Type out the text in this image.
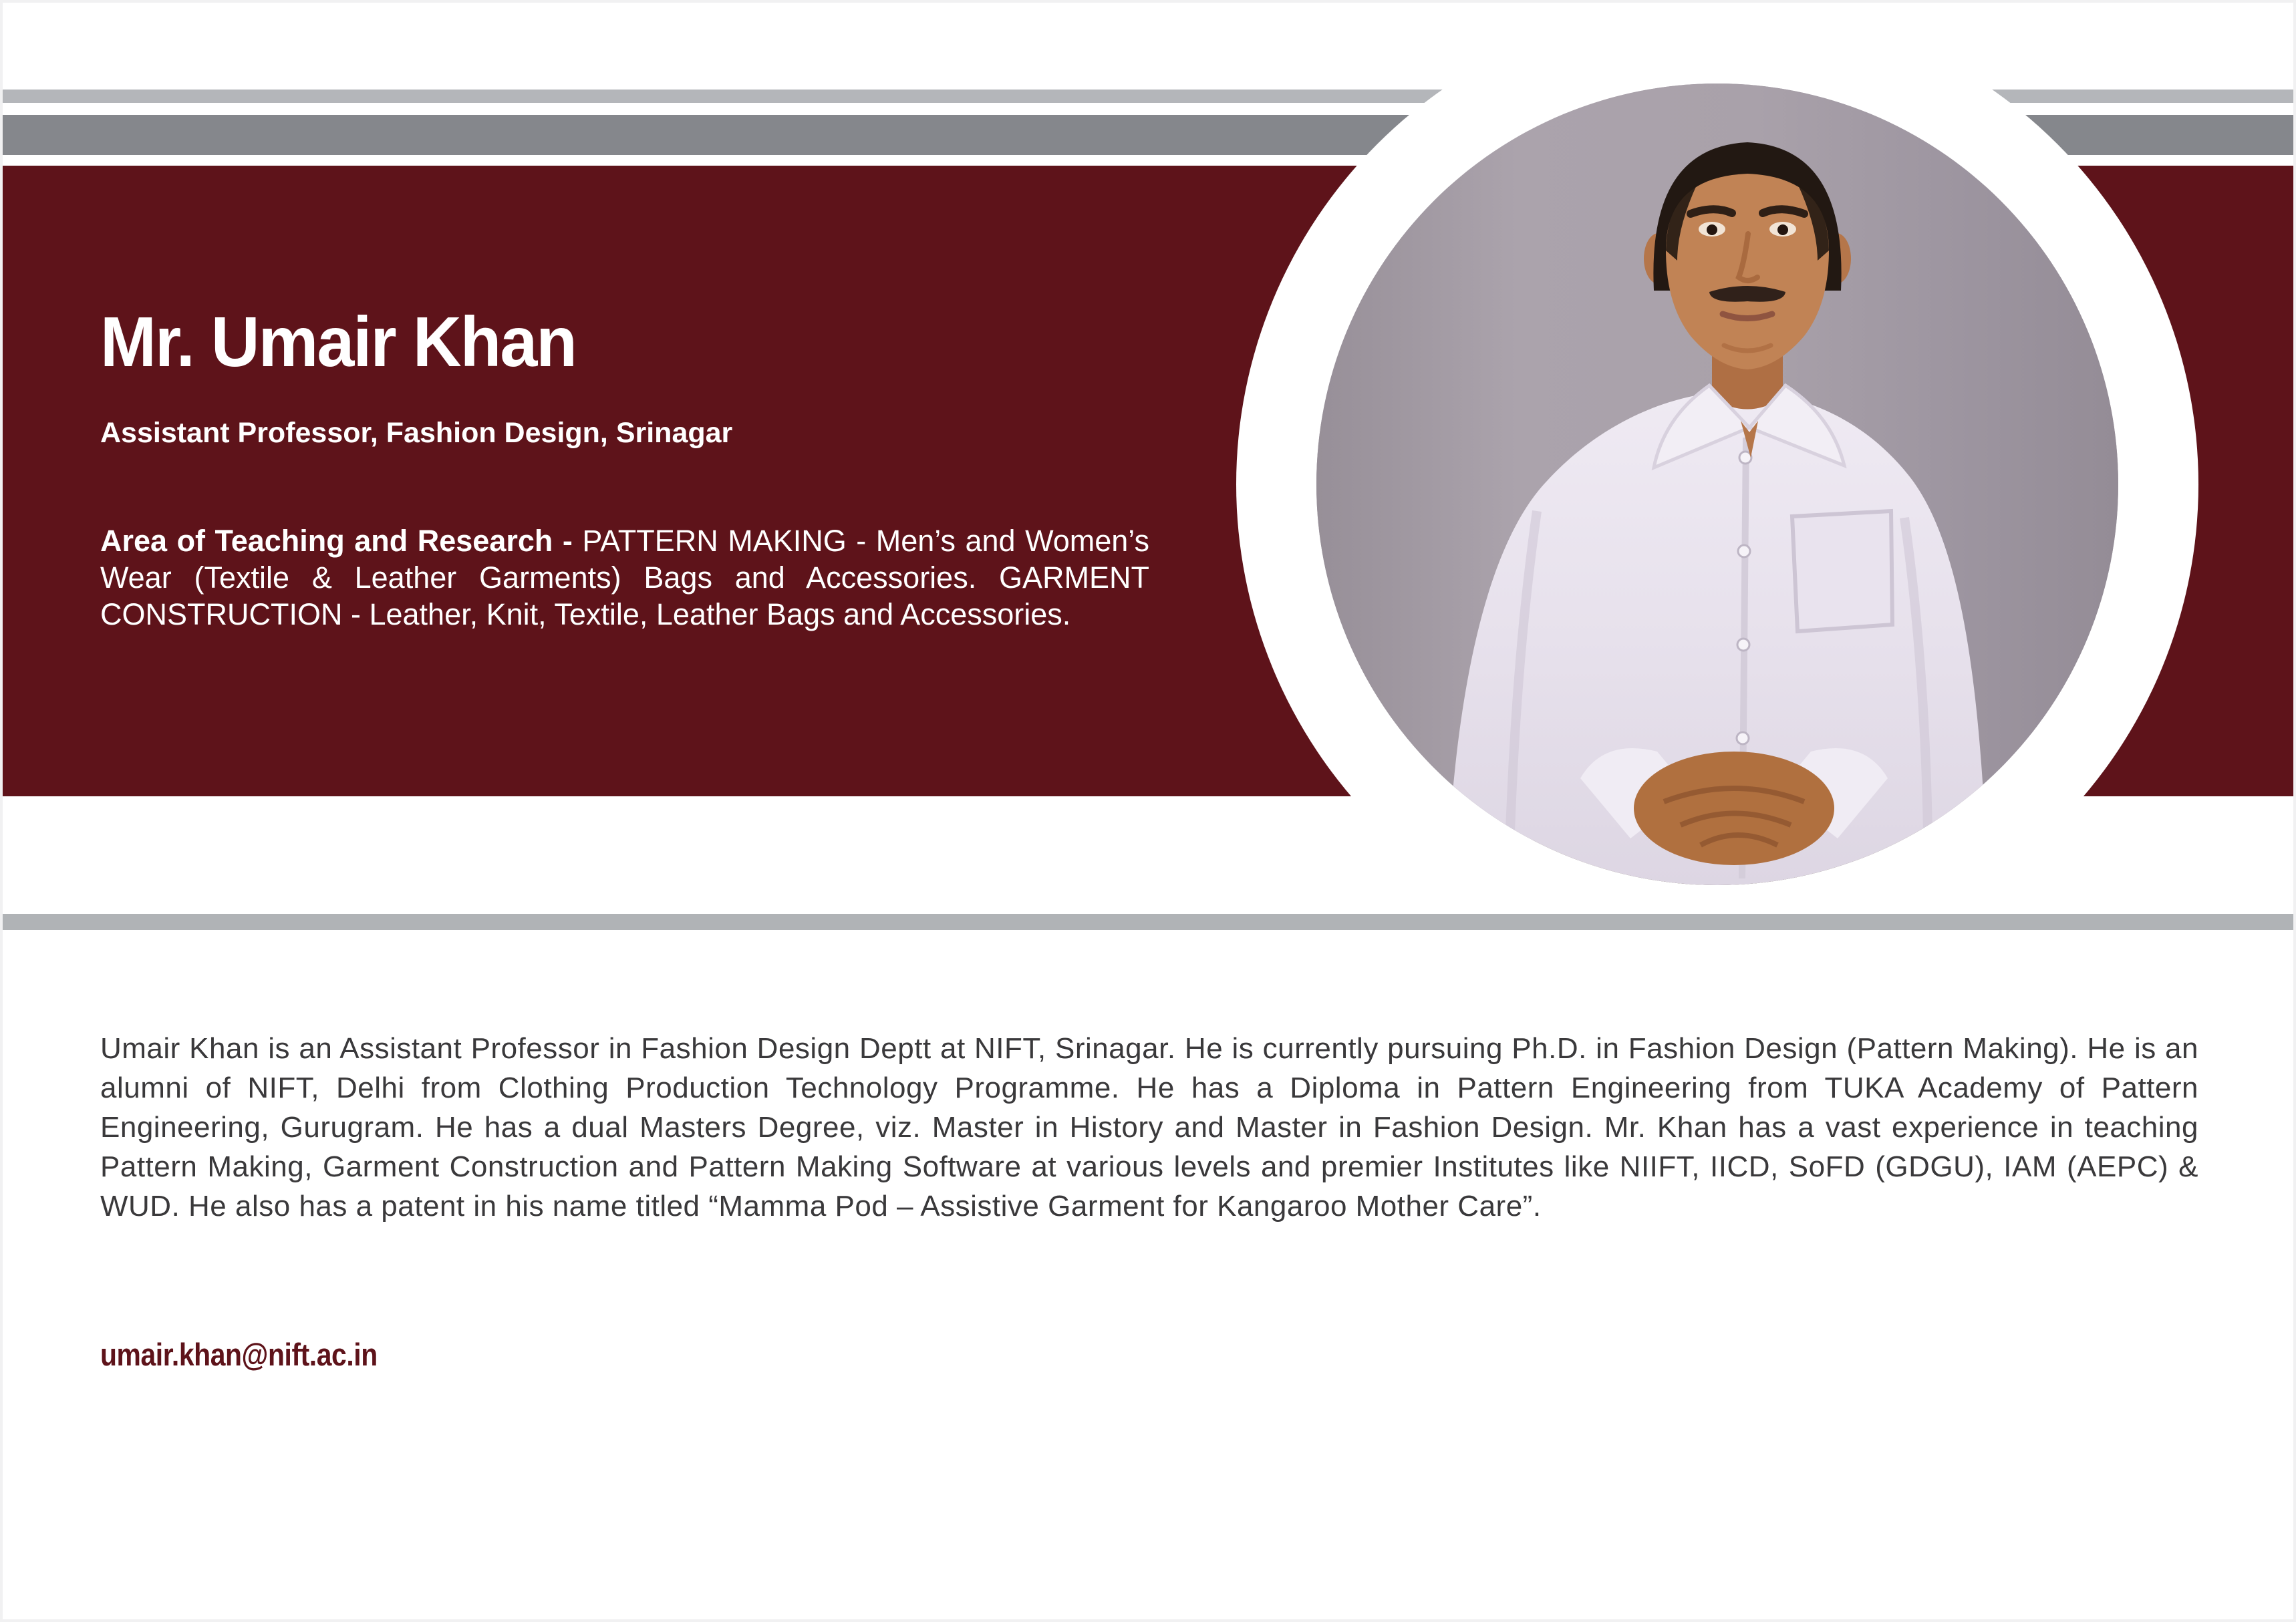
Mr. Umair Khan
Assistant Professor, Fashion Design, Srinagar
Area of Teaching and Research - PATTERN MAKING - Men’s and Women’s Wear (Textile & Leather Garments) Bags and Accessories. GARMENT CONSTRUCTION - Leather, Knit, Textile, Leather Bags and Accessories.
Umair Khan is an Assistant Professor in Fashion Design Deptt at NIFT, Srinagar. He is currently pursuing Ph.D. in Fashion Design (Pattern Making). He is an alumni of NIFT, Delhi from Clothing Production Technology Programme. He has a Diploma in Pattern Engineering from TUKA Academy of Pattern Engineering, Gurugram. He has a dual Masters Degree, viz. Master in History and Master in Fashion Design. Mr. Khan has a vast experience in teaching Pattern Making, Garment Construction and Pattern Making Software at various levels and premier Institutes like NIIFT, IICD, SoFD (GDGU), IAM (AEPC) & WUD. He also has a patent in his name titled “Mamma Pod – Assistive Garment for Kangaroo Mother Care”.
umair.khan@nift.ac.in
